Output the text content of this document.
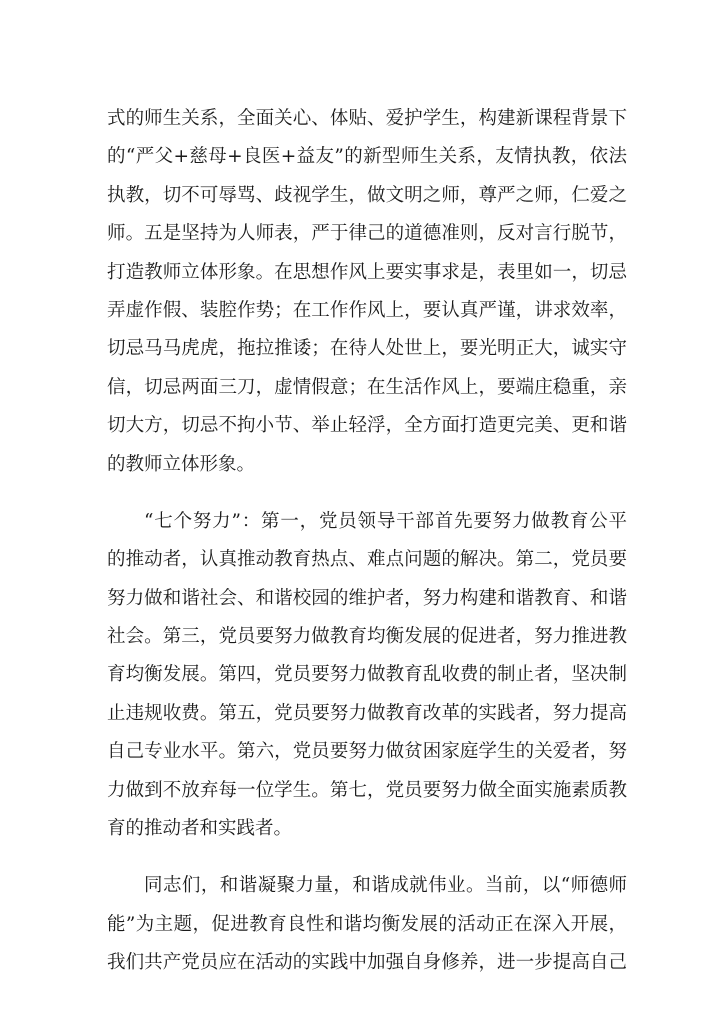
式的师生关系，全面关心、体贴、爱护学生，构建新课程背景下
的“严父+慈母+良医+益友”的新型师生关系，友情执教，依法
执教，切不可辱骂、歧视学生，做文明之师，尊严之师，仁爱之
师。五是坚持为人师表，严于律己的道德准则，反对言行脱节，
打造教师立体形象。在思想作风上要实事求是，表里如一，切忌
弄虚作假、装腔作势；在工作作风上，要认真严谨，讲求效率，
切忌马马虎虎，拖拉推诿；在待人处世上，要光明正大，诚实守
信，切忌两面三刀，虚情假意；在生活作风上，要端庄稳重，亲
切大方，切忌不拘小节、举止轻浮，全方面打造更完美、更和谐
的教师立体形象。
“七个努力”：第一，党员领导干部首先要努力做教育公平
的推动者，认真推动教育热点、难点问题的解决。第二，党员要
努力做和谐社会、和谐校园的维护者，努力构建和谐教育、和谐
社会。第三，党员要努力做教育均衡发展的促进者，努力推进教
育均衡发展。第四，党员要努力做教育乱收费的制止者，坚决制
止违规收费。第五，党员要努力做教育改革的实践者，努力提高
自己专业水平。第六，党员要努力做贫困家庭学生的关爱者，努
力做到不放弃每一位学生。第七，党员要努力做全面实施素质教
育的推动者和实践者。
同志们，和谐凝聚力量，和谐成就伟业。当前，以“师德师
能”为主题，促进教育良性和谐均衡发展的活动正在深入开展，
我们共产党员应在活动的实践中加强自身修养，进一步提高自己
